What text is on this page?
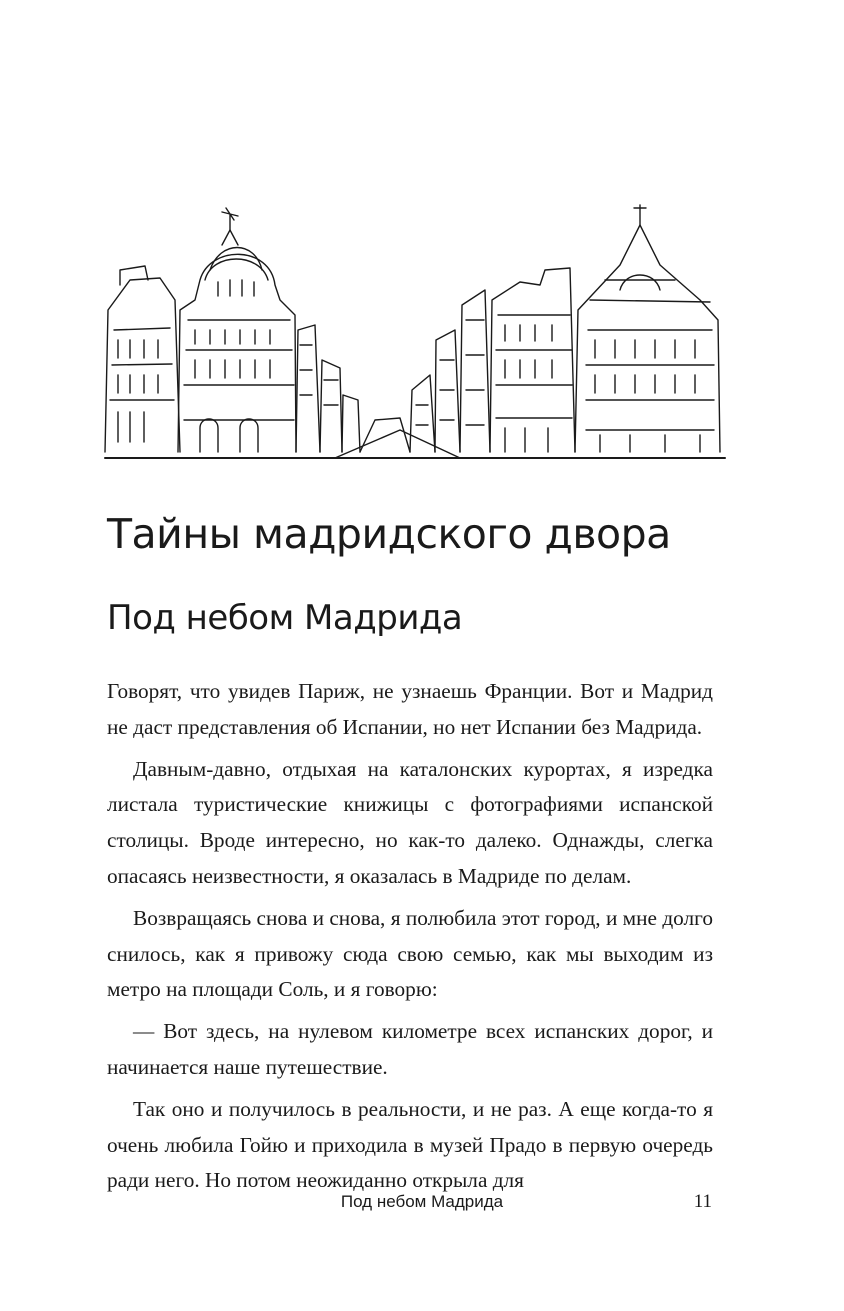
Тайны мадридского двора
Под небом Мадрида

Говорят, что увидев Париж, не узнаешь Франции. Вот и Мадрид не даст представления об Испании, но нет Испании без Мадрида.

Давным-давно, отдыхая на каталонских курортах, я изредка листала туристические книжицы с фотографиями испанской столицы. Вроде интересно, но как-то далеко. Однажды, слегка опасаясь неизвестности, я оказалась в Мадриде по делам.

Возвращаясь снова и снова, я полюбила этот город, и мне долго снилось, как я привожу сюда свою семью, как мы выходим из метро на площади Соль, и я говорю:

— Вот здесь, на нулевом километре всех испанских дорог, и начинается наше путешествие.

Так оно и получилось в реальности, и не раз. А еще когда-то я очень любила Гойю и приходила в музей Прадо в первую очередь ради него. Но потом неожиданно открыла для

Под небом Мадрида	11
